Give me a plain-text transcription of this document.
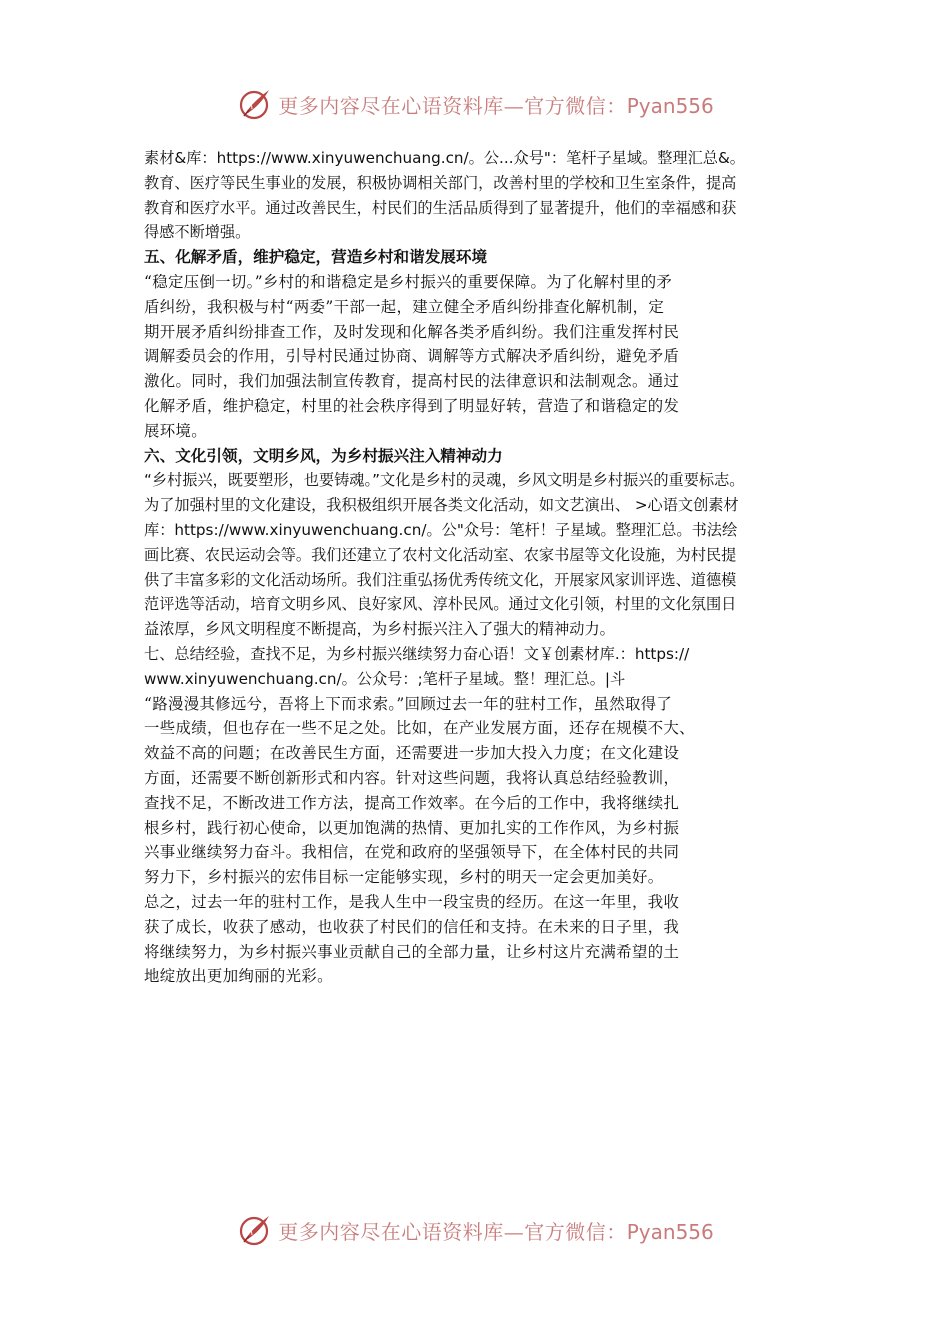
更多内容尽在心语资料库—官方微信：Pyan556
素材&库：https://www.xinyuwenchuang.cn/。公...众号"：笔杆子星域。整理汇总&。
教育、医疗等民生事业的发展，积极协调相关部门，改善村里的学校和卫生室条件，提高
教育和医疗水平。通过改善民生，村民们的生活品质得到了显著提升，他们的幸福感和获
得感不断增强。
五、化解矛盾，维护稳定，营造乡村和谐发展环境
“稳定压倒一切。”乡村的和谐稳定是乡村振兴的重要保障。为了化解村里的矛
盾纠纷，我积极与村“两委”干部一起，建立健全矛盾纠纷排查化解机制，定
期开展矛盾纠纷排查工作，及时发现和化解各类矛盾纠纷。我们注重发挥村民
调解委员会的作用，引导村民通过协商、调解等方式解决矛盾纠纷，避免矛盾
激化。同时，我们加强法制宣传教育，提高村民的法律意识和法制观念。通过
化解矛盾，维护稳定，村里的社会秩序得到了明显好转，营造了和谐稳定的发
展环境。
六、文化引领，文明乡风，为乡村振兴注入精神动力
“乡村振兴，既要塑形，也要铸魂。”文化是乡村的灵魂，乡风文明是乡村振兴的重要标志。
为了加强村里的文化建设，我积极组织开展各类文化活动，如文艺演出、 >心语文创素材
库：https://www.xinyuwenchuang.cn/。公"众号：笔杆！子星域。整理汇总。书法绘
画比赛、农民运动会等。我们还建立了农村文化活动室、农家书屋等文化设施，为村民提
供了丰富多彩的文化活动场所。我们注重弘扬优秀传统文化，开展家风家训评选、道德模
范评选等活动，培育文明乡风、良好家风、淳朴民风。通过文化引领，村里的文化氛围日
益浓厚，乡风文明程度不断提高，为乡村振兴注入了强大的精神动力。
七、总结经验，查找不足，为乡村振兴继续努力奋心语！文￥创素材库.：https://
www.xinyuwenchuang.cn/。公众号：;笔杆子星域。整！理汇总。|斗
“路漫漫其修远兮，吾将上下而求索。”回顾过去一年的驻村工作，虽然取得了
一些成绩，但也存在一些不足之处。比如，在产业发展方面，还存在规模不大、
效益不高的问题；在改善民生方面，还需要进一步加大投入力度；在文化建设
方面，还需要不断创新形式和内容。针对这些问题，我将认真总结经验教训，
查找不足，不断改进工作方法，提高工作效率。在今后的工作中，我将继续扎
根乡村，践行初心使命，以更加饱满的热情、更加扎实的工作作风，为乡村振
兴事业继续努力奋斗。我相信，在党和政府的坚强领导下，在全体村民的共同
努力下，乡村振兴的宏伟目标一定能够实现，乡村的明天一定会更加美好。
总之，过去一年的驻村工作，是我人生中一段宝贵的经历。在这一年里，我收
获了成长，收获了感动，也收获了村民们的信任和支持。在未来的日子里，我
将继续努力，为乡村振兴事业贡献自己的全部力量，让乡村这片充满希望的土
地绽放出更加绚丽的光彩。
更多内容尽在心语资料库—官方微信：Pyan556
